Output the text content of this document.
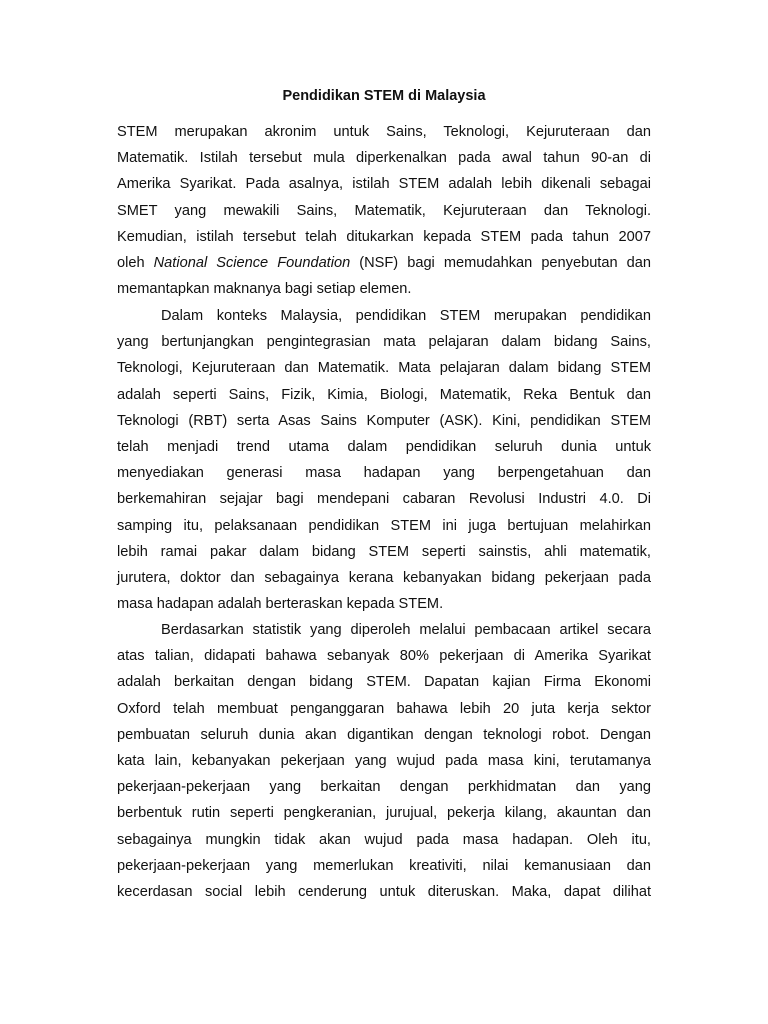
Pendidikan STEM di Malaysia
STEM merupakan akronim untuk Sains, Teknologi, Kejuruteraan dan
Matematik. Istilah tersebut mula diperkenalkan pada awal tahun 90-an di
Amerika Syarikat. Pada asalnya, istilah STEM adalah lebih dikenali sebagai
SMET yang mewakili Sains, Matematik, Kejuruteraan dan Teknologi.
Kemudian, istilah tersebut telah ditukarkan kepada STEM pada tahun 2007
oleh National Science Foundation (NSF) bagi memudahkan penyebutan dan
memantapkan maknanya bagi setiap elemen.
Dalam konteks Malaysia, pendidikan STEM merupakan pendidikan
yang bertunjangkan pengintegrasian mata pelajaran dalam bidang Sains,
Teknologi, Kejuruteraan dan Matematik. Mata pelajaran dalam bidang STEM
adalah seperti Sains, Fizik, Kimia, Biologi, Matematik, Reka Bentuk dan
Teknologi (RBT) serta Asas Sains Komputer (ASK). Kini, pendidikan STEM
telah menjadi trend utama dalam pendidikan seluruh dunia untuk
menyediakan generasi masa hadapan yang berpengetahuan dan
berkemahiran sejajar bagi mendepani cabaran Revolusi Industri 4.0. Di
samping itu, pelaksanaan pendidikan STEM ini juga bertujuan melahirkan
lebih ramai pakar dalam bidang STEM seperti sainstis, ahli matematik,
jurutera, doktor dan sebagainya kerana kebanyakan bidang pekerjaan pada
masa hadapan adalah berteraskan kepada STEM.
Berdasarkan statistik yang diperoleh melalui pembacaan artikel secara
atas talian, didapati bahawa sebanyak 80% pekerjaan di Amerika Syarikat
adalah berkaitan dengan bidang STEM. Dapatan kajian Firma Ekonomi
Oxford telah membuat penganggaran bahawa lebih 20 juta kerja sektor
pembuatan seluruh dunia akan digantikan dengan teknologi robot. Dengan
kata lain, kebanyakan pekerjaan yang wujud pada masa kini, terutamanya
pekerjaan-pekerjaan yang berkaitan dengan perkhidmatan dan yang
berbentuk rutin seperti pengkeranian, jurujual, pekerja kilang, akauntan dan
sebagainya mungkin tidak akan wujud pada masa hadapan. Oleh itu,
pekerjaan-pekerjaan yang memerlukan kreativiti, nilai kemanusiaan dan
kecerdasan social lebih cenderung untuk diteruskan. Maka, dapat dilihat
